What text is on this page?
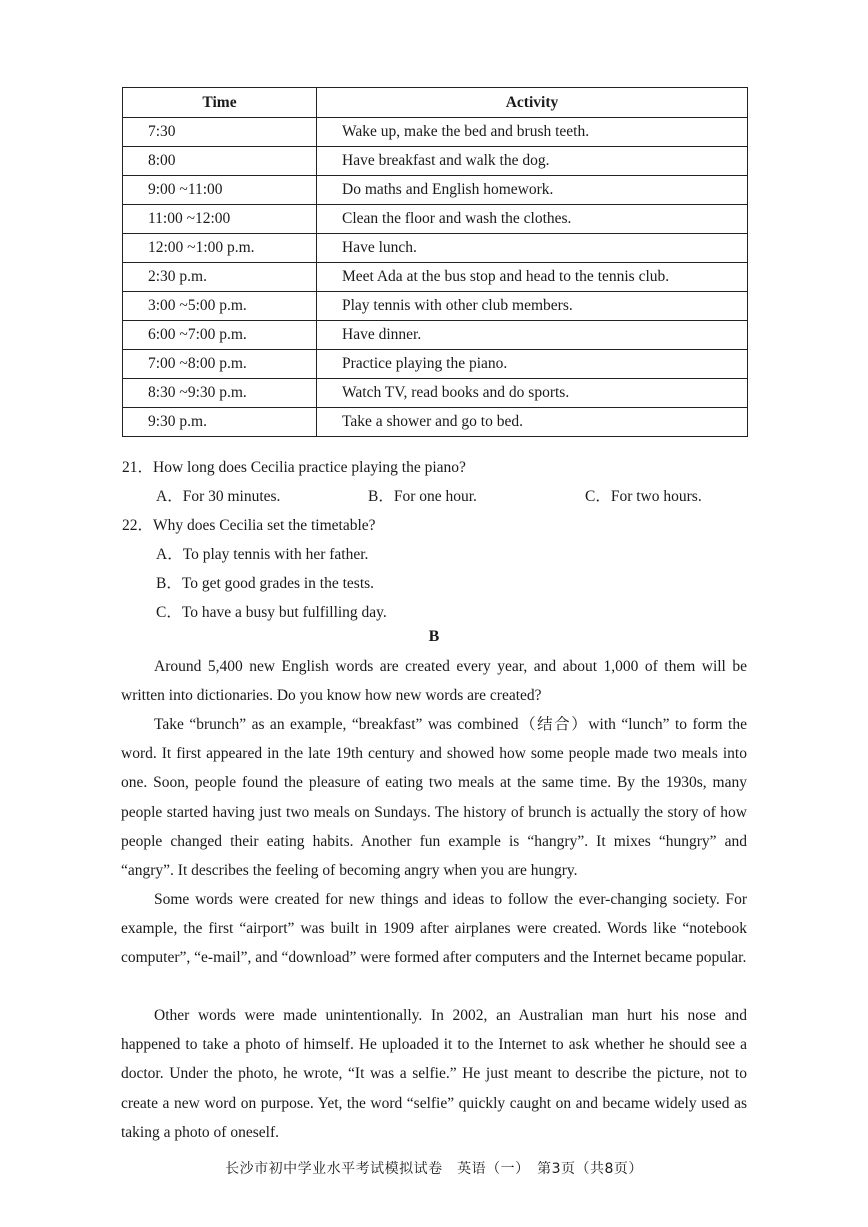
Time	Activity
7:30	Wake up, make the bed and brush teeth.
8:00	Have breakfast and walk the dog.
9:00 ~11:00	Do maths and English homework.
11:00 ~12:00	Clean the floor and wash the clothes.
12:00 ~1:00 p.m.	Have lunch.
2:30 p.m.	Meet Ada at the bus stop and head to the tennis club.
3:00 ~5:00 p.m.	Play tennis with other club members.
6:00 ~7:00 p.m.	Have dinner.
7:00 ~8:00 p.m.	Practice playing the piano.
8:30 ~9:30 p.m.	Watch TV, read books and do sports.
9:30 p.m.	Take a shower and go to bed.
21．How long does Cecilia practice playing the piano?
A．For 30 minutes.	B．For one hour.	C．For two hours.
22．Why does Cecilia set the timetable?
A．To play tennis with her father.
B．To get good grades in the tests.
C．To have a busy but fulfilling day.
B
Around 5,400 new English words are created every year, and about 1,000 of them will be written into dictionaries. Do you know how new words are created?
Take “brunch” as an example, “breakfast” was combined（结合）with “lunch” to form the word. It first appeared in the late 19th century and showed how some people made two meals into one. Soon, people found the pleasure of eating two meals at the same time. By the 1930s, many people started having just two meals on Sundays. The history of brunch is actually the story of how people changed their eating habits. Another fun example is “hangry”. It mixes “hungry” and “angry”. It describes the feeling of becoming angry when you are hungry.
Some words were created for new things and ideas to follow the ever-changing society. For example, the first “airport” was built in 1909 after airplanes were created. Words like “notebook computer”, “e-mail”, and “download” were formed after computers and the Internet became popular.
Other words were made unintentionally. In 2002, an Australian man hurt his nose and happened to take a photo of himself. He uploaded it to the Internet to ask whether he should see a doctor. Under the photo, he wrote, “It was a selfie.” He just meant to describe the picture, not to create a new word on purpose. Yet, the word “selfie” quickly caught on and became widely used as taking a photo of oneself.
长沙市初中学业水平考试模拟试卷　英语（一）　第3页（共8页）
